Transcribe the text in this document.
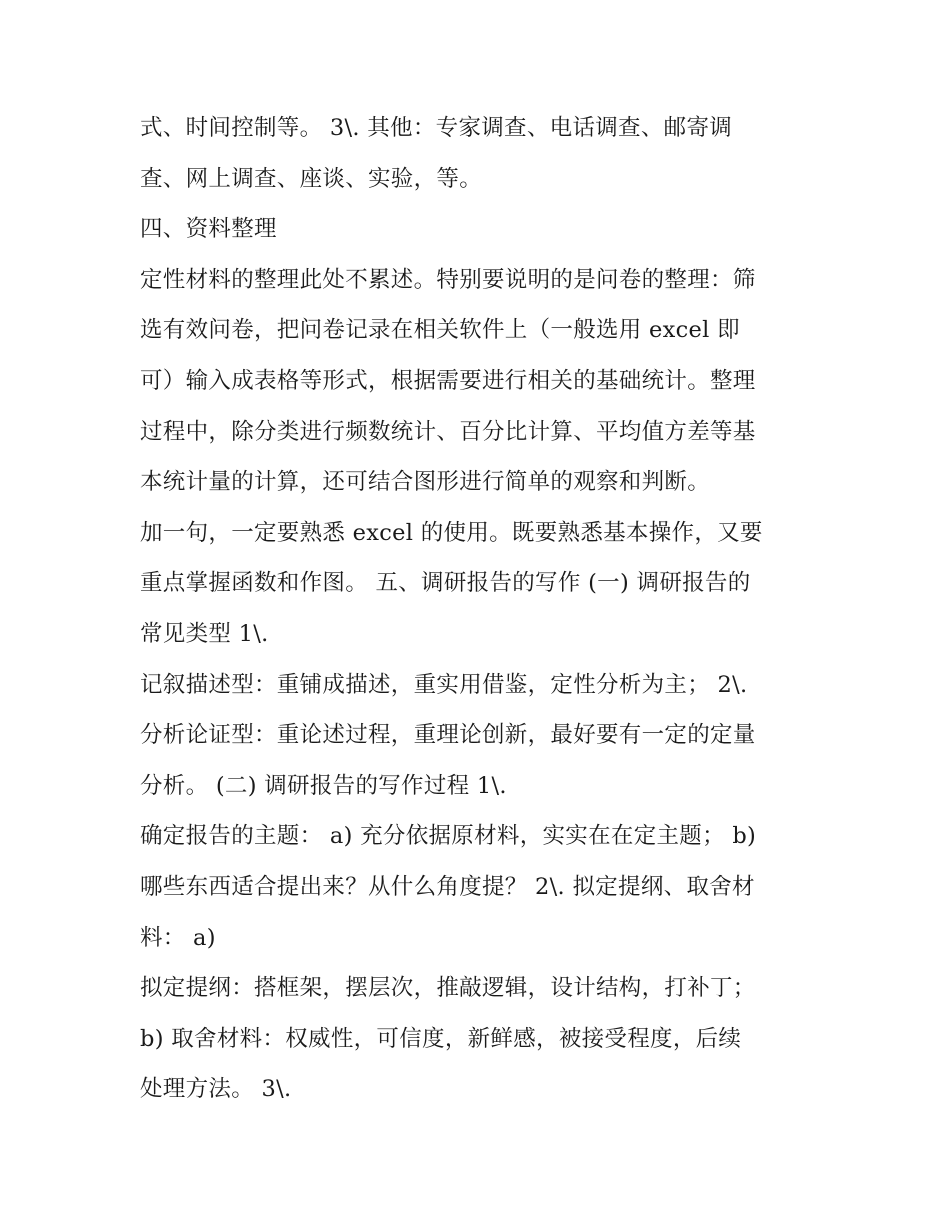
式、时间控制等。 3\. 其他：专家调查、电话调查、邮寄调
查、网上调查、座谈、实验，等。
四、资料整理
定性材料的整理此处不累述。特别要说明的是问卷的整理：筛
选有效问卷，把问卷记录在相关软件上（一般选用 excel 即
可）输入成表格等形式，根据需要进行相关的基础统计。整理
过程中，除分类进行频数统计、百分比计算、平均值方差等基
本统计量的计算，还可结合图形进行简单的观察和判断。
加一句，一定要熟悉 excel 的使用。既要熟悉基本操作，又要
重点掌握函数和作图。 五、调研报告的写作 (一) 调研报告的
常见类型 1\.
记叙描述型：重铺成描述，重实用借鉴，定性分析为主； 2\.
分析论证型：重论述过程，重理论创新，最好要有一定的定量
分析。 (二) 调研报告的写作过程 1\.
确定报告的主题： a) 充分依据原材料，实实在在定主题； b)
哪些东西适合提出来？从什么角度提？ 2\. 拟定提纲、取舍材
料： a)
拟定提纲：搭框架，摆层次，推敲逻辑，设计结构，打补丁；
b) 取舍材料：权威性，可信度，新鲜感，被接受程度，后续
处理方法。 3\.
